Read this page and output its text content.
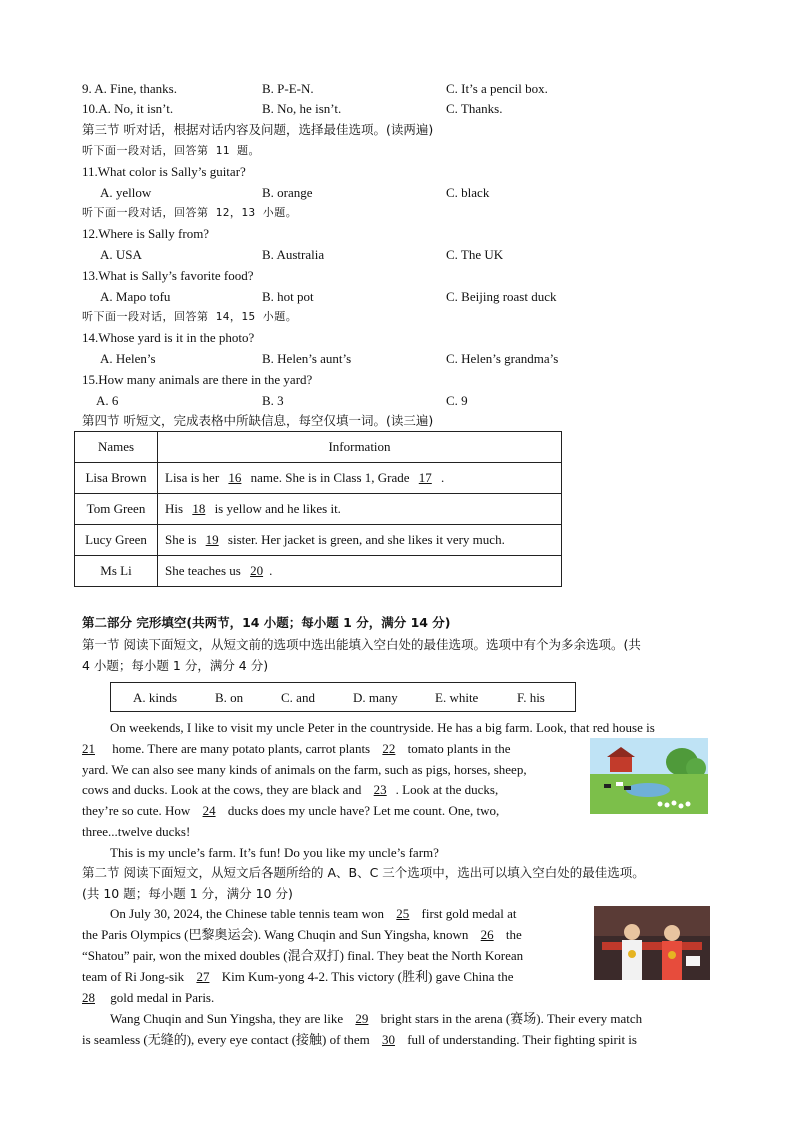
9. A. Fine, thanks.	B. P-E-N.	C. It’s a pencil box.
10.A. No, it isn’t.	B. No, he isn’t.	C. Thanks.
第三节 听对话，根据对话内容及问题，选择最佳选项。(读两遍)
听下面一段对话，回答第 11 题。
11.What color is Sally’s guitar?
A. yellow	B. orange	C. black
听下面一段对话，回答第 12，13 小题。
12.Where is Sally from?
A. USA	B. Australia	C. The UK
13.What is Sally’s favorite food?
A. Mapo tofu	B. hot pot	C. Beijing roast duck
听下面一段对话，回答第 14，15 小题。
14.Whose yard is it in the photo?
A. Helen’s	B. Helen’s aunt’s	C. Helen’s grandma’s
15.How many animals are there in the yard?
A. 6	B. 3	C. 9
第四节 听短文，完成表格中所缺信息，每空仅填一词。(读三遍)
Names	Information
Lisa Brown	Lisa is her 16 name. She is in Class 1, Grade 17 .
Tom Green	His 18 is yellow and he likes it.
Lucy Green	She is 19 sister. Her jacket is green, and she likes it very much.
Ms Li	She teaches us 20 .
第二部分 完形填空(共两节，14 小题；每小题 1 分，满分 14 分)
第一节 阅读下面短文，从短文前的选项中选出能填入空白处的最佳选项。选项中有个为多余选项。(共
4 小题；每小题 1 分，满分 4 分)
A. kinds	B. on	C. and	D. many	E. white	F. his
On weekends, I like to visit my uncle Peter in the countryside. He has a big farm. Look, that red house is
21 home. There are many potato plants, carrot plants 22 tomato plants in the
yard. We can also see many kinds of animals on the farm, such as pigs, horses, sheep,
cows and ducks. Look at the cows, they are black and 23 . Look at the ducks,
they’re so cute. How 24 ducks does my uncle have? Let me count. One, two,
three...twelve ducks!
This is my uncle’s farm. It’s fun! Do you like my uncle’s farm?
第二节 阅读下面短文，从短文后各题所给的 A、B、C 三个选项中，选出可以填入空白处的最佳选项。
(共 10 题；每小题 1 分，满分 10 分)
On July 30, 2024, the Chinese table tennis team won 25 first gold medal at
the Paris Olympics (巴黎奥运会). Wang Chuqin and Sun Yingsha, known 26 the
“Shatou” pair, won the mixed doubles (混合双打) final. They beat the North Korean
team of Ri Jong-sik 27 Kim Kum-yong 4-2. This victory (胜利) gave China the
28 gold medal in Paris.
Wang Chuqin and Sun Yingsha, they are like 29 bright stars in the arena (赛场). Their every match
is seamless (无缝的), every eye contact (接触) of them 30 full of understanding. Their fighting spirit is
